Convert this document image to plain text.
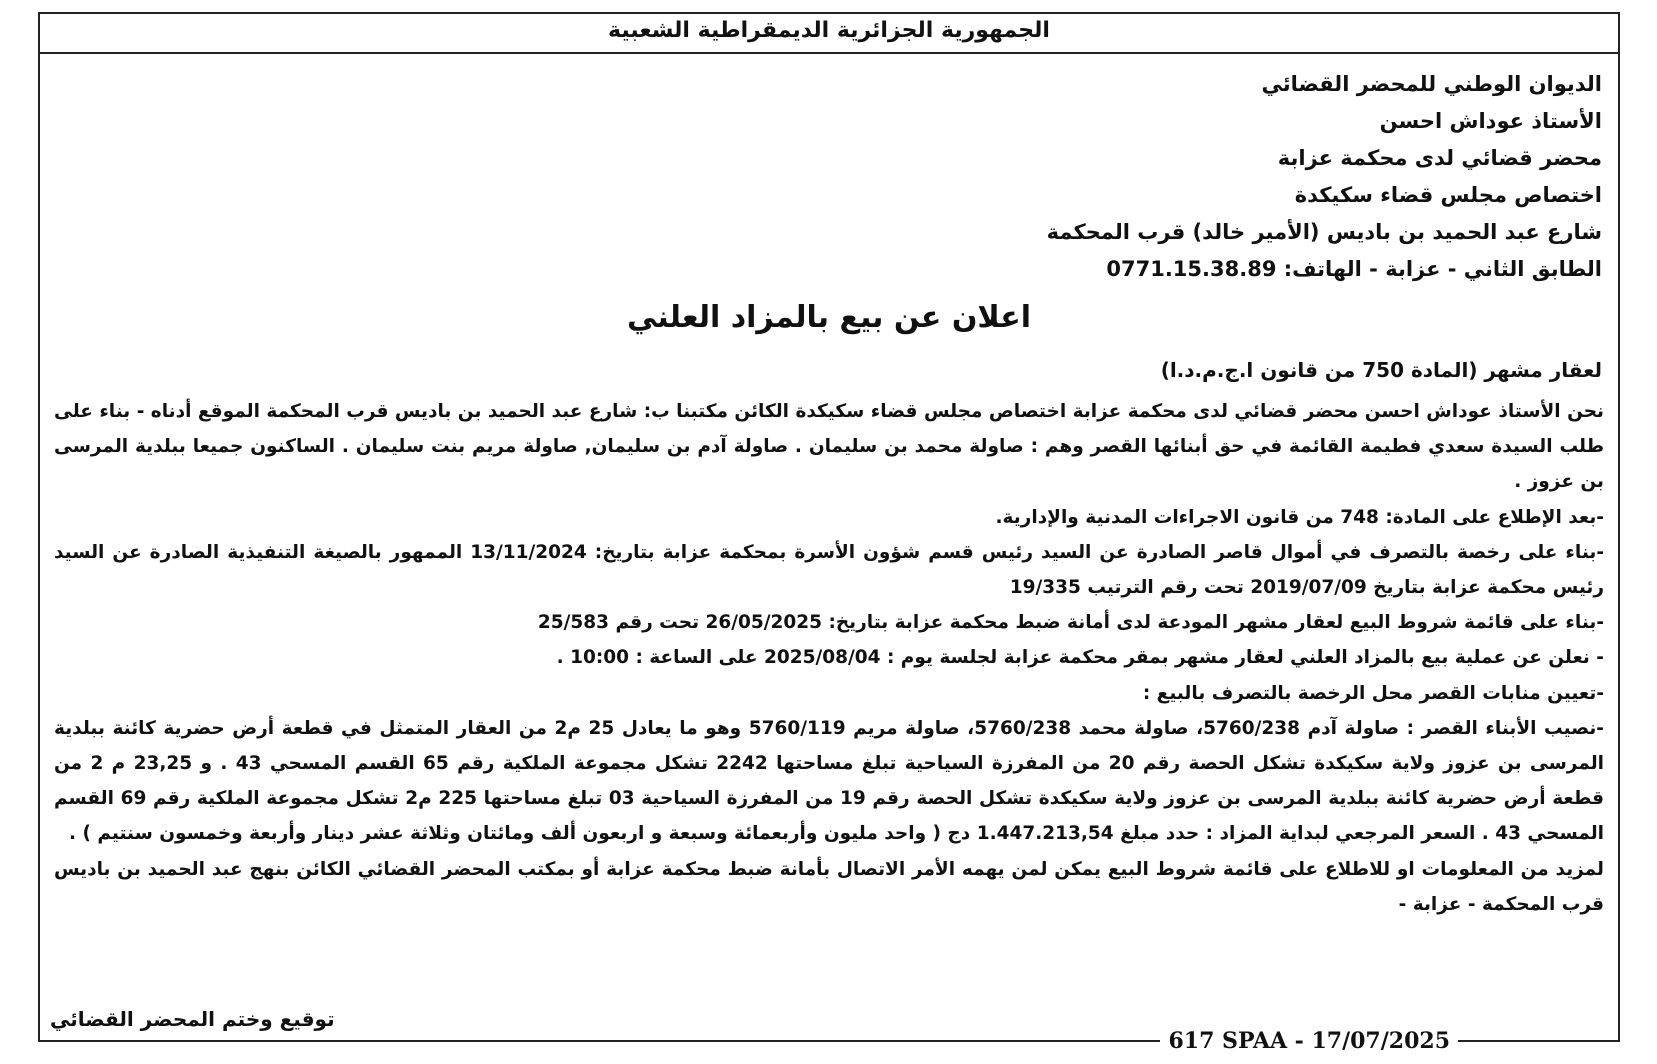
الجمهورية الجزائرية الديمقراطية الشعبية
الديوان الوطني للمحضر القضائي
الأستاذ عوداش احسن
محضر قضائي لدى محكمة عزابة
اختصاص مجلس قضاء سكيكدة
شارع عبد الحميد بن باديس (الأمير خالد) قرب المحكمة
الطابق الثاني - عزابة - الهاتف: 0771.15.38.89
اعلان عن بيع بالمزاد العلني
لعقار مشهر (المادة 750 من قانون ا.ج.م.د.ا)

نحن الأستاذ عوداش احسن محضر قضائي لدى محكمة عزابة اختصاص مجلس قضاء سكيكدة الكائن مكتبنا ب: شارع عبد الحميد بن باديس قرب المحكمة الموقع أدناه - بناء على طلب السيدة سعدي فطيمة القائمة في حق أبنائها القصر وهم : صاولة محمد بن سليمان . صاولة آدم بن سليمان, صاولة مريم بنت سليمان . الساكنون جميعا ببلدية المرسى بن عزوز .

-بعد الإطلاع على المادة: 748 من قانون الاجراءات المدنية والإدارية.

-بناء على رخصة بالتصرف في أموال قاصر الصادرة عن السيد رئيس قسم شؤون الأسرة بمحكمة عزابة بتاريخ: 13/11/2024 الممهور بالصيغة التنفيذية الصادرة عن السيد رئيس محكمة عزابة بتاريخ 2019/07/09 تحت رقم الترتيب 19/335

-بناء على قائمة شروط البيع لعقار مشهر المودعة لدى أمانة ضبط محكمة عزابة بتاريخ: 26/05/2025 تحت رقم 25/583

- نعلن عن عملية بيع بالمزاد العلني لعقار مشهر بمقر محكمة عزابة لجلسة يوم : 2025/08/04 على الساعة : 10:00 .

-تعيين منابات القصر محل الرخصة بالتصرف بالبيع :

-نصيب الأبناء القصر : صاولة آدم 5760/238، صاولة محمد 5760/238، صاولة مريم 5760/119 وهو ما يعادل 25 م2 من العقار المتمثل في قطعة أرض حضرية كائنة ببلدية المرسى بن عزوز ولاية سكيكدة تشكل الحصة رقم 20 من المفرزة السياحية تبلغ مساحتها 2242 تشكل مجموعة الملكية رقم 65 القسم المسحي 43 . و 23,25 م 2 من قطعة أرض حضرية كائنة ببلدية المرسى بن عزوز ولاية سكيكدة تشكل الحصة رقم 19 من المفرزة السياحية 03 تبلغ مساحتها 225 م2 تشكل مجموعة الملكية رقم 69 القسم المسحي 43 . السعر المرجعي لبداية المزاد : حدد مبلغ 1.447.213,54 دج ( واحد مليون وأربعمائة وسبعة و اربعون ألف ومائتان وثلاثة عشر دينار وأربعة وخمسون سنتيم ) .

لمزيد من المعلومات او للاطلاع على قائمة شروط البيع يمكن لمن يهمه الأمر الاتصال بأمانة ضبط محكمة عزابة أو بمكتب المحضر القضائي الكائن بنهج عبد الحميد بن باديس قرب المحكمة - عزابة -

توقيع وختم المحضر القضائي
617 SPAA - 17/07/2025
